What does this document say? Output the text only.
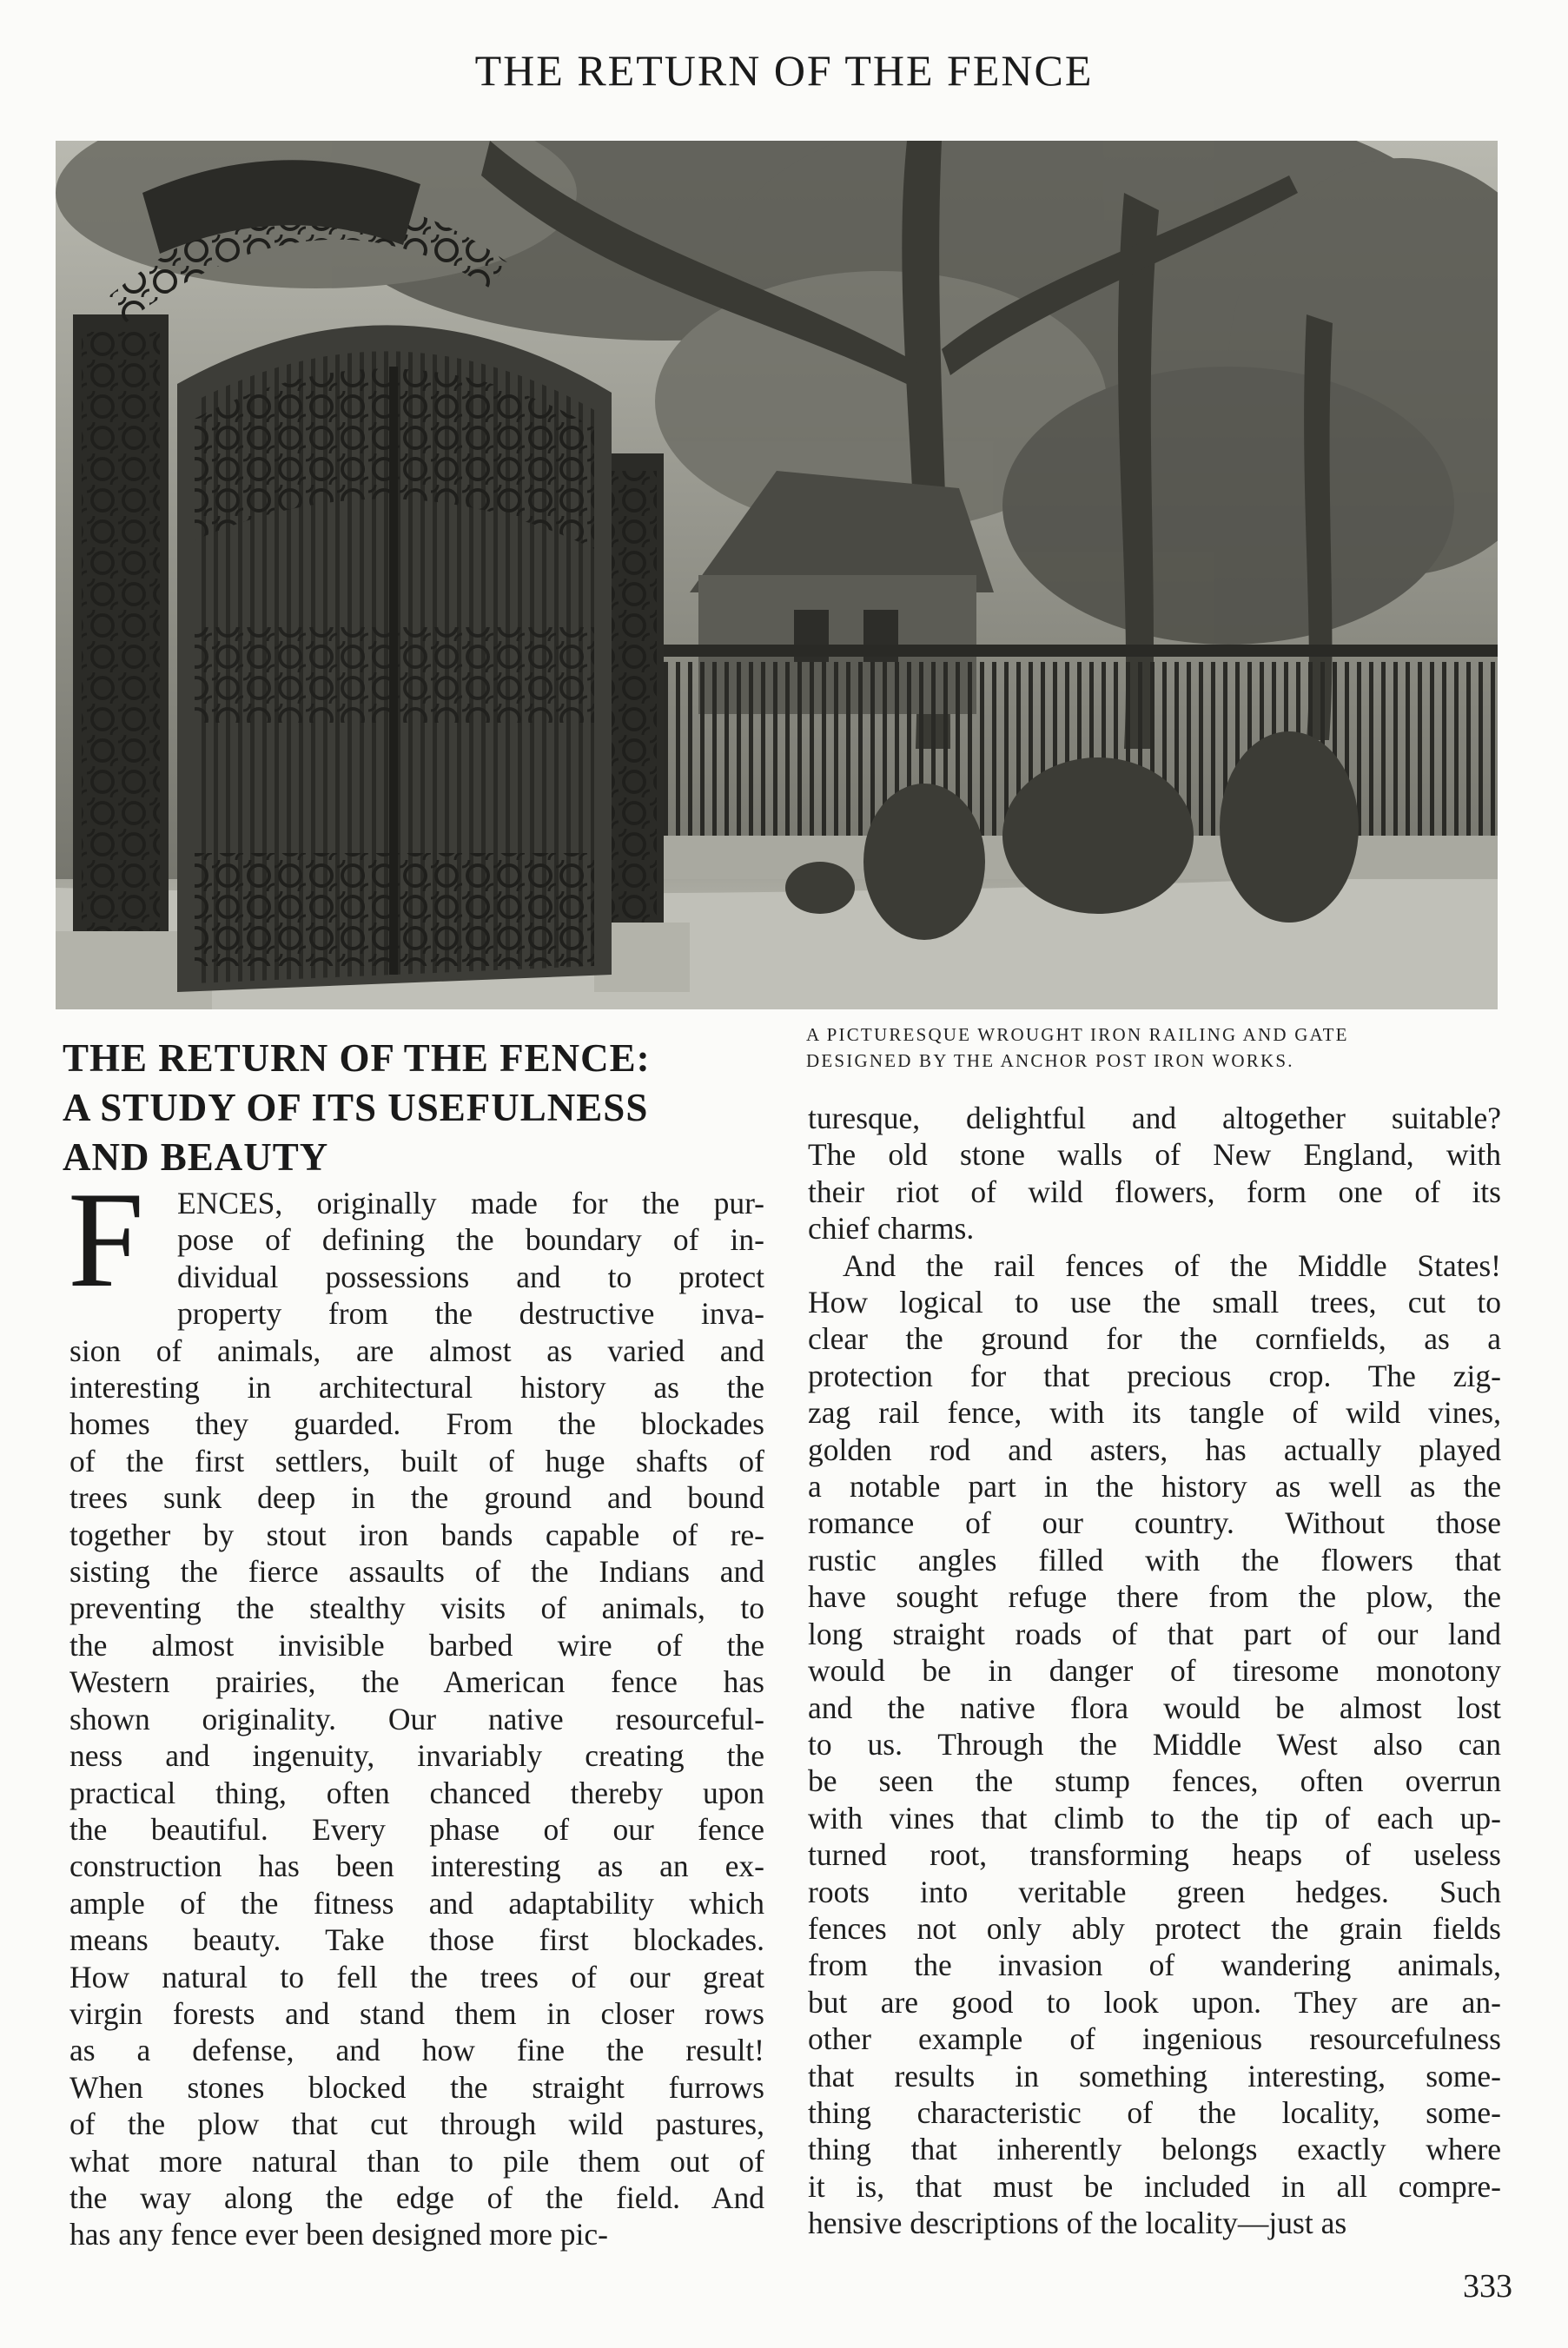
THE RETURN OF THE FENCE
A PICTURESQUE WROUGHT IRON RAILING AND GATE
DESIGNED BY THE ANCHOR POST IRON WORKS.
THE RETURN OF THE FENCE:
A STUDY OF ITS USEFULNESS
AND BEAUTY
F	ENCES, originally made for the pur-
pose of defining the boundary of in-
dividual possessions and to protect
property from the destructive inva-
sion of animals, are almost as varied and
interesting in architectural history as the
homes they guarded. From the blockades
of the first settlers, built of huge shafts of
trees sunk deep in the ground and bound
together by stout iron bands capable of re-
sisting the fierce assaults of the Indians and
preventing the stealthy visits of animals, to
the almost invisible barbed wire of the
Western prairies, the American fence has
shown originality. Our native resourceful-
ness and ingenuity, invariably creating the
practical thing, often chanced thereby upon
the beautiful. Every phase of our fence
construction has been interesting as an ex-
ample of the fitness and adaptability which
means beauty. Take those first blockades.
How natural to fell the trees of our great
virgin forests and stand them in closer rows
as a defense, and how fine the result!
When stones blocked the straight furrows
of the plow that cut through wild pastures,
what more natural than to pile them out of
the way along the edge of the field. And
has any fence ever been designed more pic-
turesque, delightful and altogether suitable?
The old stone walls of New England, with
their riot of wild flowers, form one of its
chief charms.
And the rail fences of the Middle States!
How logical to use the small trees, cut to
clear the ground for the cornfields, as a
protection for that precious crop. The zig-
zag rail fence, with its tangle of wild vines,
golden rod and asters, has actually played
a notable part in the history as well as the
romance of our country. Without those
rustic angles filled with the flowers that
have sought refuge there from the plow, the
long straight roads of that part of our land
would be in danger of tiresome monotony
and the native flora would be almost lost
to us. Through the Middle West also can
be seen the stump fences, often overrun
with vines that climb to the tip of each up-
turned root, transforming heaps of useless
roots into veritable green hedges. Such
fences not only ably protect the grain fields
from the invasion of wandering animals,
but are good to look upon. They are an-
other example of ingenious resourcefulness
that results in something interesting, some-
thing characteristic of the locality, some-
thing that inherently belongs exactly where
it is, that must be included in all compre-
hensive descriptions of the locality—just as
333
